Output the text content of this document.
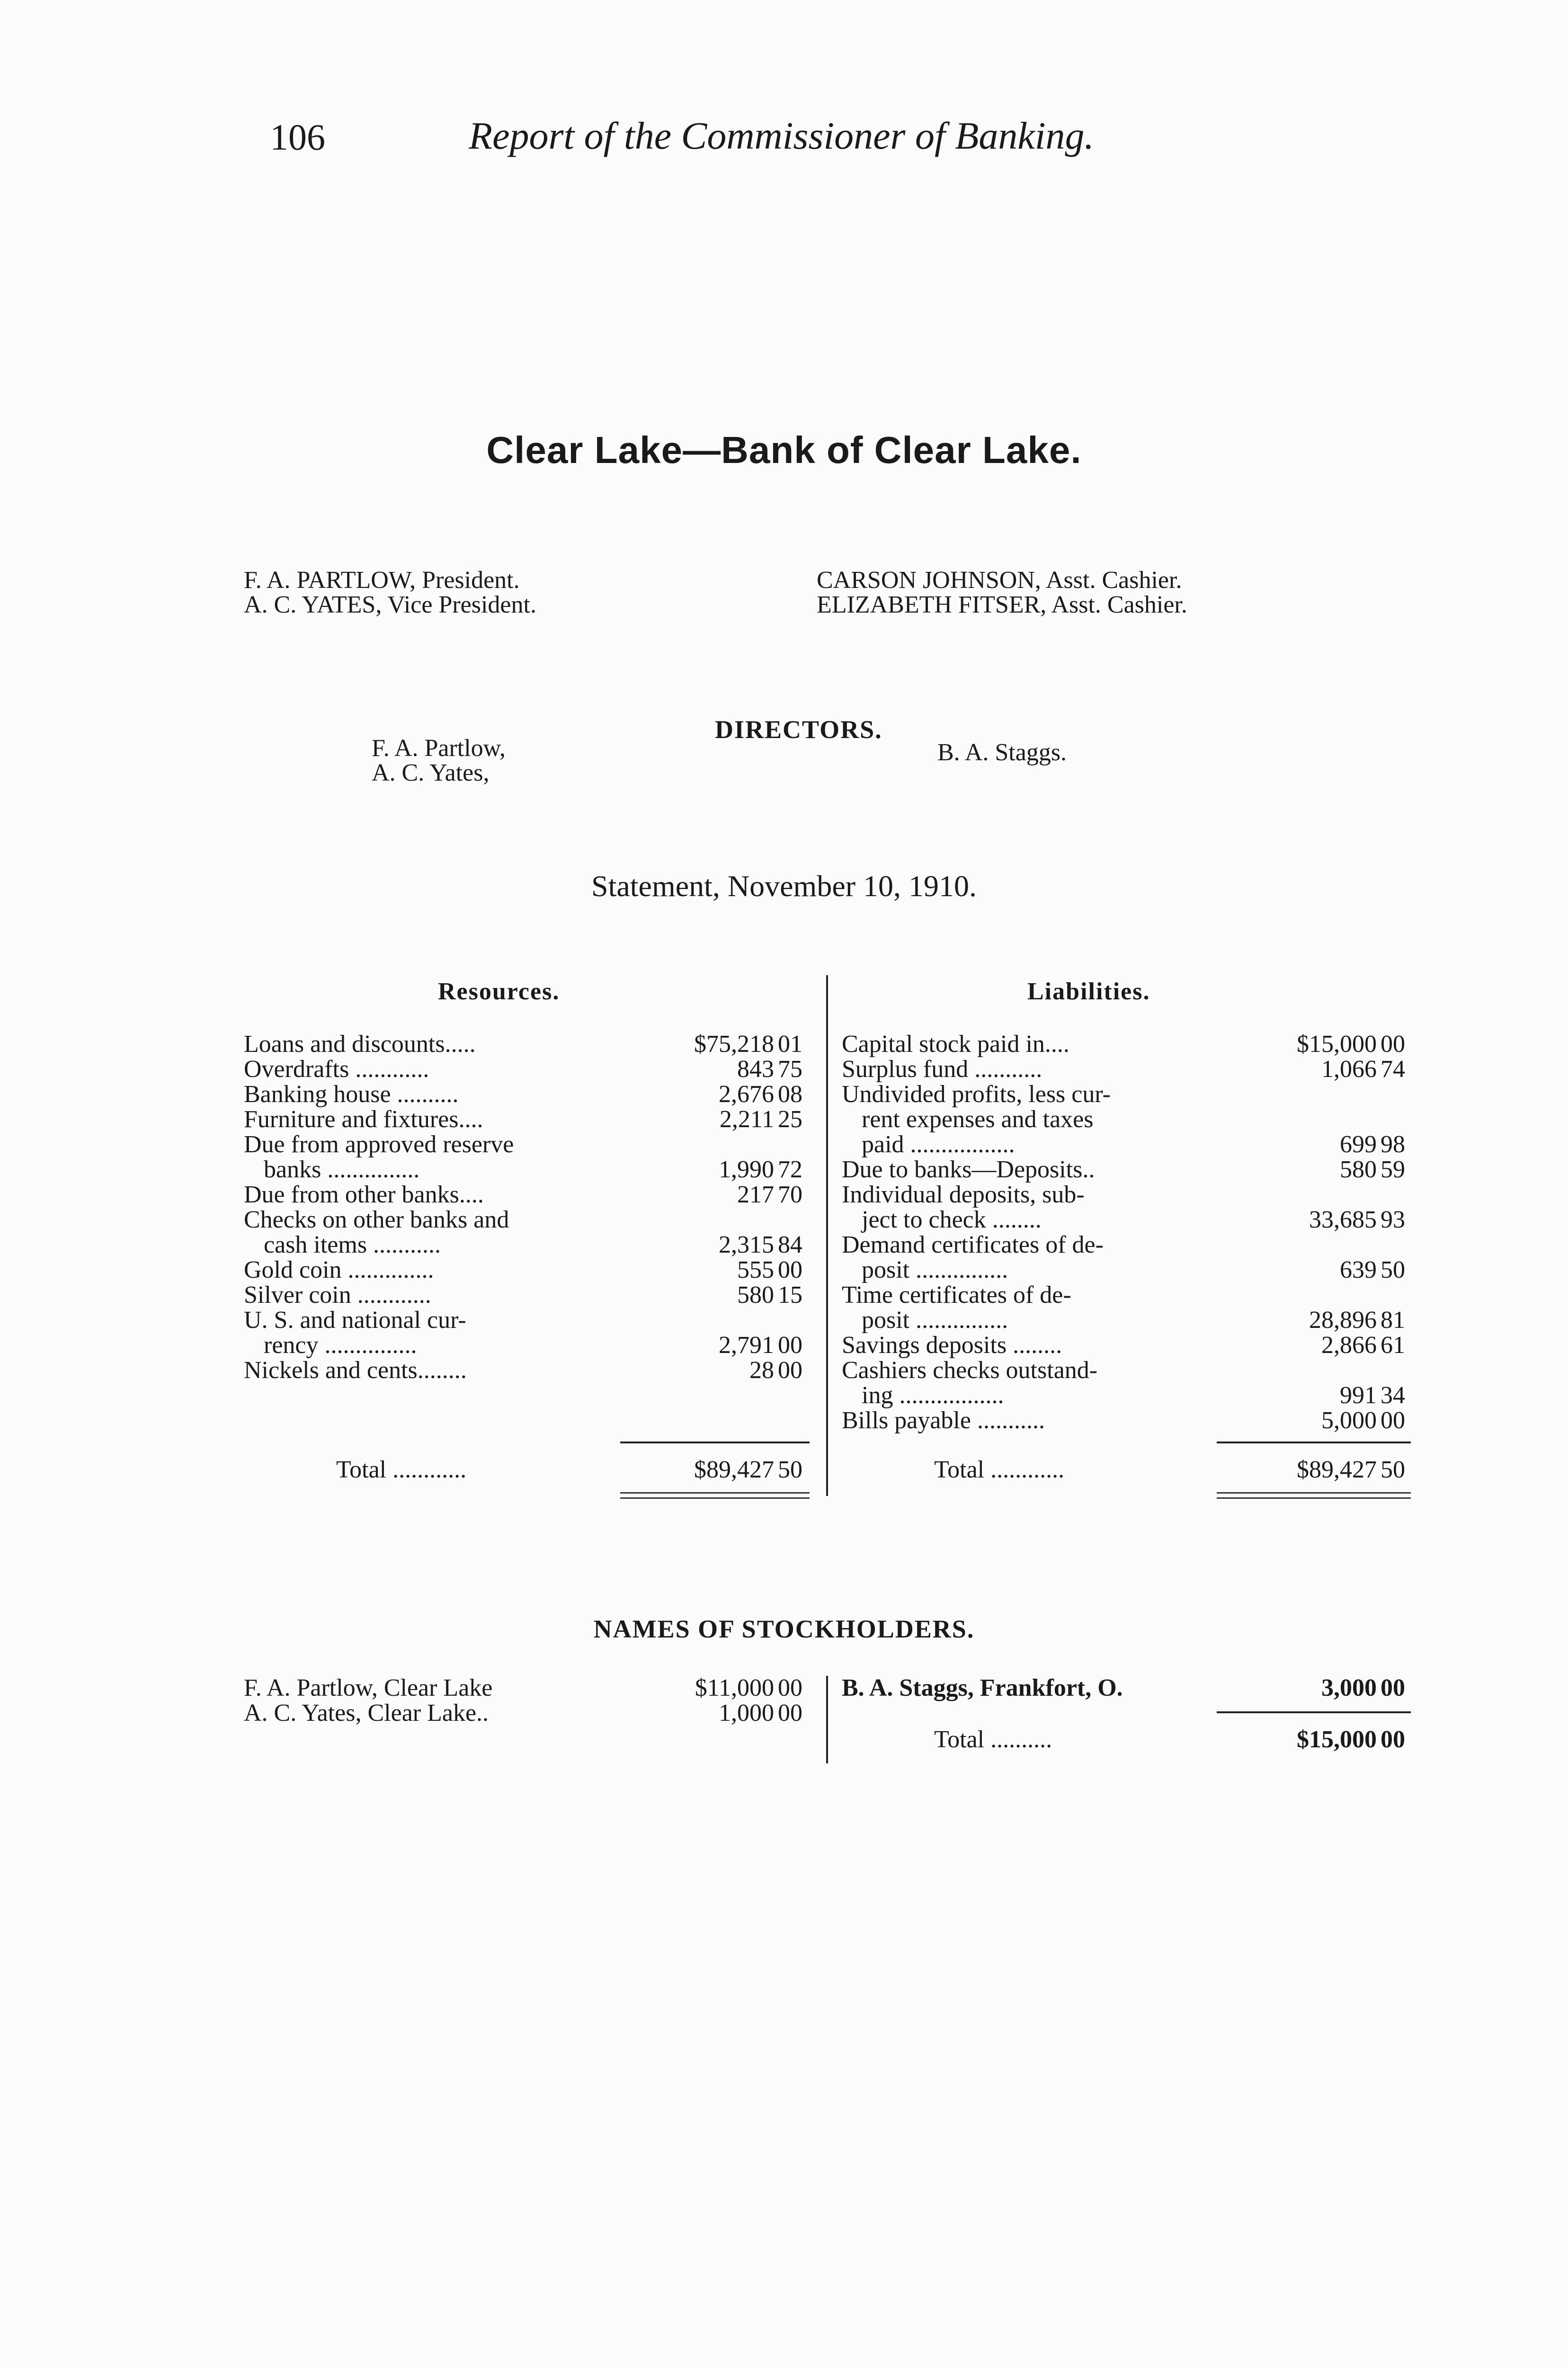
106	Report of the Commissioner of Banking.
Clear Lake—Bank of Clear Lake.
F. A. PARTLOW, President.
A. C. YATES, Vice President.
CARSON JOHNSON, Asst. Cashier.
ELIZABETH FITSER, Asst. Cashier.
DIRECTORS.
F. A. Partlow,
A. C. Yates,
B. A. Staggs.
Statement, November 10, 1910.
Resources.	Liabilities.
Loans and discounts.....	$75,218 01
Overdrafts ............	843 75
Banking house ..........	2,676 08
Furniture and fixtures....	2,211 25
Due from approved reserve
banks ...............	1,990 72
Due from other banks....	217 70
Checks on other banks and
cash items ...........	2,315 84
Gold coin ..............	555 00
Silver coin ............	580 15
U. S. and national cur-
rency ...............	2,791 00
Nickels and cents........	28 00
Capital stock paid in....	$15,000 00
Surplus fund ...........	1,066 74
Undivided profits, less cur-
rent expenses and taxes
paid .................	699 98
Due to banks—Deposits..	580 59
Individual deposits, sub-
ject to check ........	33,685 93
Demand certificates of de-
posit ...............	639 50
Time certificates of de-
posit ...............	28,896 81
Savings deposits ........	2,866 61
Cashiers checks outstand-
ing .................	991 34
Bills payable ...........	5,000 00
Total ............	$89,427 50	Total ............	$89,427 50
NAMES OF STOCKHOLDERS.
F. A. Partlow, Clear Lake	$11,000 00
A. C. Yates, Clear Lake..	1,000 00
B. A. Staggs, Frankfort, O.	3,000 00
Total ..........	$15,000 00
